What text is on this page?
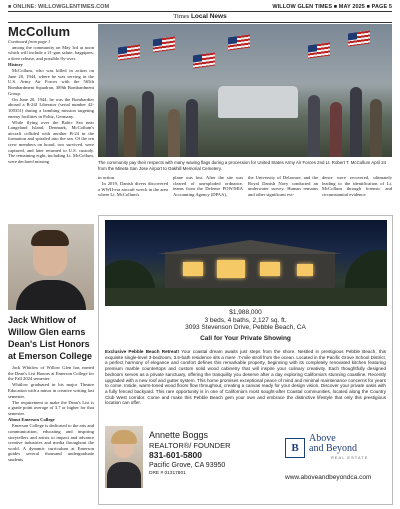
■ ONLINE: WILLOWGLENTIMES.COM	WILLOW GLEN TIMES ■ MAY 2025 ■ PAGE 5
Times Local News
McCollum
Continued from page 1

among the community on May 3rd at noon which will include a 21-gun salute, bagpipers, a dove release, and possible fly-over.

History

McCollum, who was killed in action on June 20, 1944, where he was serving in the U.S. Army Air Forces with the 565th Bombardment Squadron, 389th Bombardment Group.

On June 20, 1944, he was the Bombardier aboard a B-24J Liberator (serial number 42-100351) during a bombing mission targeting enemy facilities in Politz, Germany.

While flying over the Baltic Sea near Langeland Island, Denmark, McCollum's aircraft collided with another B-24 in the formation and spiraled into the sea. Of the ten crew members on board, two survived, were captured, and later returned to U.S. custody. The remaining eight, including Lt. McCollum, were declared missing	The community pay their respects with many waving flags during a procession for United States Army Air Forces 2nd Lt. Robert T. McCollum April 24 from the Mineta San Jose Airport to Oakhill Memorial Cemetery.

in action.

In 2019, Danish divers discovered a WWII-era aircraft wreck in the area where Lt. McCollum's

plane was lost. After the site was cleared of unexploded ordnance, teams from the Defense POW/MIA Accounting Agency (DPAA),
the University of Delaware, and the Royal Danish Navy conducted an underwater survey. Human remains and other significant evi-
dence were recovered, ultimately leading to the identification of Lt. McCollum through forensic and circumstantial evidence.
Jack Whitlow of Willow Glen earns Dean's List Honors at Emerson College

Jack Whitlow of Willow Glen has earned the Dean's List Honors at Emerson College for the Fall 2024 semester.

Whitlow graduated in his major Theatre Education with a minor in creative writing last semester.

The requirement to make the Dean's List is a grade point average of 3.7 or higher for that semester.

About Emerson College

Emerson College is dedicated to the arts and communication, educating and inspiring storytellers and artists to impact and advance creative industries and media throughout the world. A dynamic curriculum at Emerson guides several thousand undergraduate students

$1,988,000
3 beds, 4 baths, 2,127 sq. ft.
3093 Stevenson Drive, Pebble Beach, CA
Call for Your Private Showing
Exclusive Pebble Beach Retreat! Your coastal dream awaits just steps from the shore. Nestled in prestigious Pebble Beach, this exquisite single-level 3-bedroom, 3.5-bath residence sits a mere .7-mile stroll from the ocean. Located in the Pacific Grove School District, a perfect harmony of elegance and comfort defines this remarkable property, beginning with its completely renovated kitchen featuring premium marble countertops and custom solid wood cabinetry that will inspire your culinary creativity. Each thoughtfully designed bedroom serves as a private sanctuary, offering the tranquility you deserve after a day exploring California's stunning coastline. Recently upgraded with a new roof and gutter system. This home promises exceptional peace of mind and minimal maintenance concerns for years to come. Inside, warm-toned wood floors flow throughout, creating a canvas ready for your design vision. Discover your private oasis with a fully fenced backyard. This rare opportunity is in one of California's most sought-after Coastal communities, located along the Country Club West corridor. Come and make this Pebble Beach gem your own and embrace the distinctive lifestyle that only this prestigious location can offer.
Annette Boggs
REALTOR®/ FOUNDER
831-601-5800
Pacific Grove, CA 93950
DRE # 01317801
B
Above
and Beyond
REAL ESTATE
www.aboveandbeyondca.com
